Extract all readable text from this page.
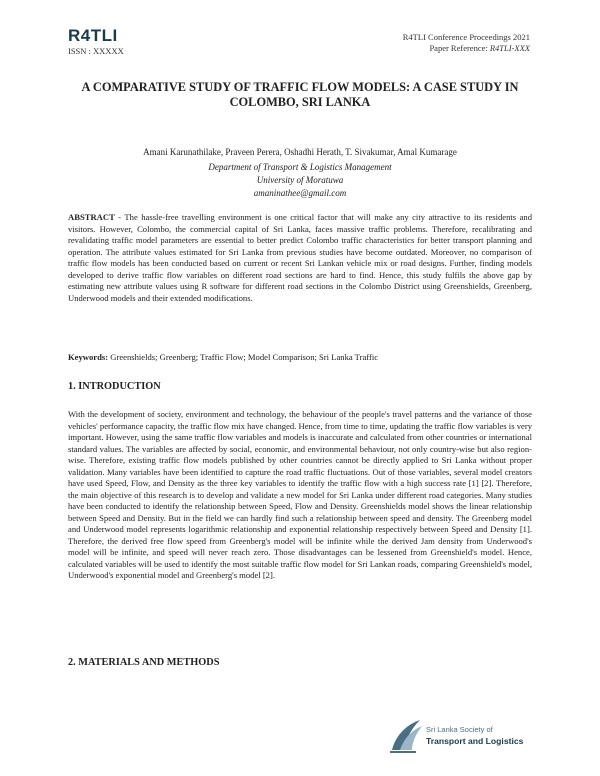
R4TLI
ISSN : XXXXX
R4TLI Conference Proceedings 2021
Paper Reference: R4TLI-XXX
A COMPARATIVE STUDY OF TRAFFIC FLOW MODELS: A CASE STUDY IN COLOMBO, SRI LANKA
Amani Karunathilake, Praveen Perera, Oshadhi Herath, T. Sivakumar, Amal Kumarage
Department of Transport & Logistics Management
University of Moratuwa
amaninathee@gmail.com

ABSTRACT - The hassle-free travelling environment is one critical factor that will make any city attractive to its residents and visitors. However, Colombo, the commercial capital of Sri Lanka, faces massive traffic problems. Therefore, recalibrating and revalidating traffic model parameters are essential to better predict Colombo traffic characteristics for better transport planning and operation. The attribute values estimated for Sri Lanka from previous studies have become outdated. Moreover, no comparison of traffic flow models has been conducted based on current or recent Sri Lankan vehicle mix or road designs. Further, finding models developed to derive traffic flow variables on different road sections are hard to find. Hence, this study fulfils the above gap by estimating new attribute values using R software for different road sections in the Colombo District using Greenshields, Greenberg, Underwood models and their extended modifications.

Keywords: Greenshields; Greenberg; Traffic Flow; Model Comparison; Sri Lanka Traffic

1. INTRODUCTION

With the development of society, environment and technology, the behaviour of the people's travel patterns and the variance of those vehicles' performance capacity, the traffic flow mix have changed. Hence, from time to time, updating the traffic flow variables is very important. However, using the same traffic flow variables and models is inaccurate and calculated from other countries or international standard values. The variables are affected by social, economic, and environmental behaviour, not only country-wise but also region-wise. Therefore, existing traffic flow models published by other countries cannot be directly applied to Sri Lanka without proper validation. Many variables have been identified to capture the road traffic fluctuations. Out of those variables, several model creators have used Speed, Flow, and Density as the three key variables to identify the traffic flow with a high success rate [1] [2]. Therefore, the main objective of this research is to develop and validate a new model for Sri Lanka under different road categories. Many studies have been conducted to identify the relationship between Speed, Flow and Density. Greenshields model shows the linear relationship between Speed and Density. But in the field we can hardly find such a relationship between speed and density. The Greenberg model and Underwood model represents logarithmic relationship and exponential relationship respectively between Speed and Density [1]. Therefore, the derived free flow speed from Greenberg's model will be infinite while the derived Jam density from Underwood's model will be infinite, and speed will never reach zero. Those disadvantages can be lessened from Greenshield's model. Hence, calculated variables will be used to identify the most suitable traffic flow model for Sri Lankan roads, comparing Greenshield's model, Underwood's exponential model and Greenberg's model [2].

2. MATERIALS AND METHODS
Sri Lanka Society of
Transport and Logistics
